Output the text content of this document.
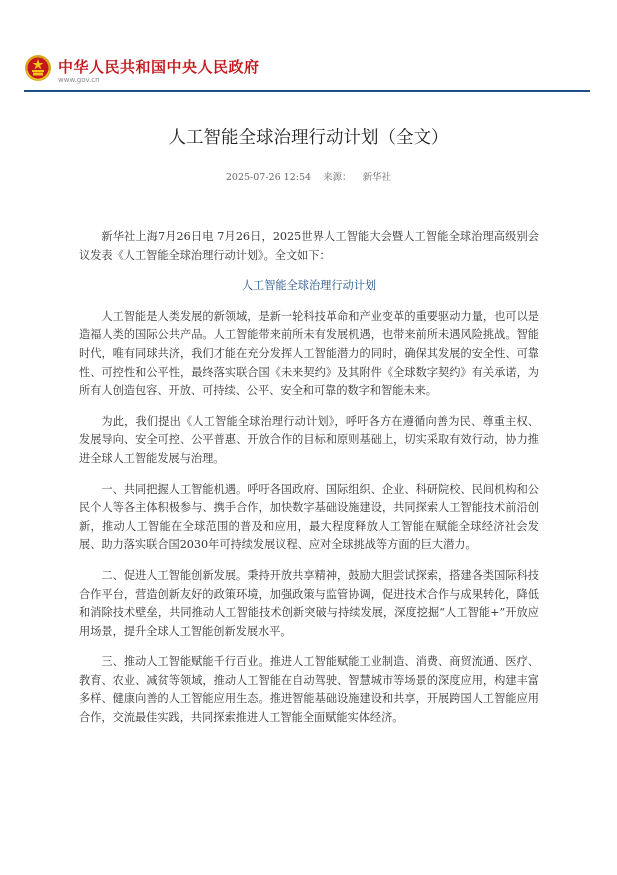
中华人民共和国中央人民政府
www.gov.cn
人工智能全球治理行动计划（全文）
2025-07-26 12:54 来源： 新华社

新华社上海7月26日电 7月26日，2025世界人工智能大会暨人工智能全球治理高级别会议发表《人工智能全球治理行动计划》。全文如下：

人工智能全球治理行动计划

人工智能是人类发展的新领域，是新一轮科技革命和产业变革的重要驱动力量，也可以是造福人类的国际公共产品。人工智能带来前所未有发展机遇，也带来前所未遇风险挑战。智能时代，唯有同球共济，我们才能在充分发挥人工智能潜力的同时，确保其发展的安全性、可靠性、可控性和公平性，最终落实联合国《未来契约》及其附件《全球数字契约》有关承诺，为所有人创造包容、开放、可持续、公平、安全和可靠的数字和智能未来。

为此，我们提出《人工智能全球治理行动计划》，呼吁各方在遵循向善为民、尊重主权、发展导向、安全可控、公平普惠、开放合作的目标和原则基础上，切实采取有效行动，协力推进全球人工智能发展与治理。

一、共同把握人工智能机遇。呼吁各国政府、国际组织、企业、科研院校、民间机构和公民个人等各主体积极参与、携手合作，加快数字基础设施建设，共同探索人工智能技术前沿创新，推动人工智能在全球范围的普及和应用，最大程度释放人工智能在赋能全球经济社会发展、助力落实联合国2030年可持续发展议程、应对全球挑战等方面的巨大潜力。

二、促进人工智能创新发展。秉持开放共享精神，鼓励大胆尝试探索，搭建各类国际科技合作平台，营造创新友好的政策环境，加强政策与监管协调，促进技术合作与成果转化，降低和消除技术壁垒，共同推动人工智能技术创新突破与持续发展，深度挖掘“人工智能+”开放应用场景，提升全球人工智能创新发展水平。

三、推动人工智能赋能千行百业。推进人工智能赋能工业制造、消费、商贸流通、医疗、教育、农业、减贫等领域，推动人工智能在自动驾驶、智慧城市等场景的深度应用，构建丰富多样、健康向善的人工智能应用生态。推进智能基础设施建设和共享，开展跨国人工智能应用合作，交流最佳实践，共同探索推进人工智能全面赋能实体经济。
